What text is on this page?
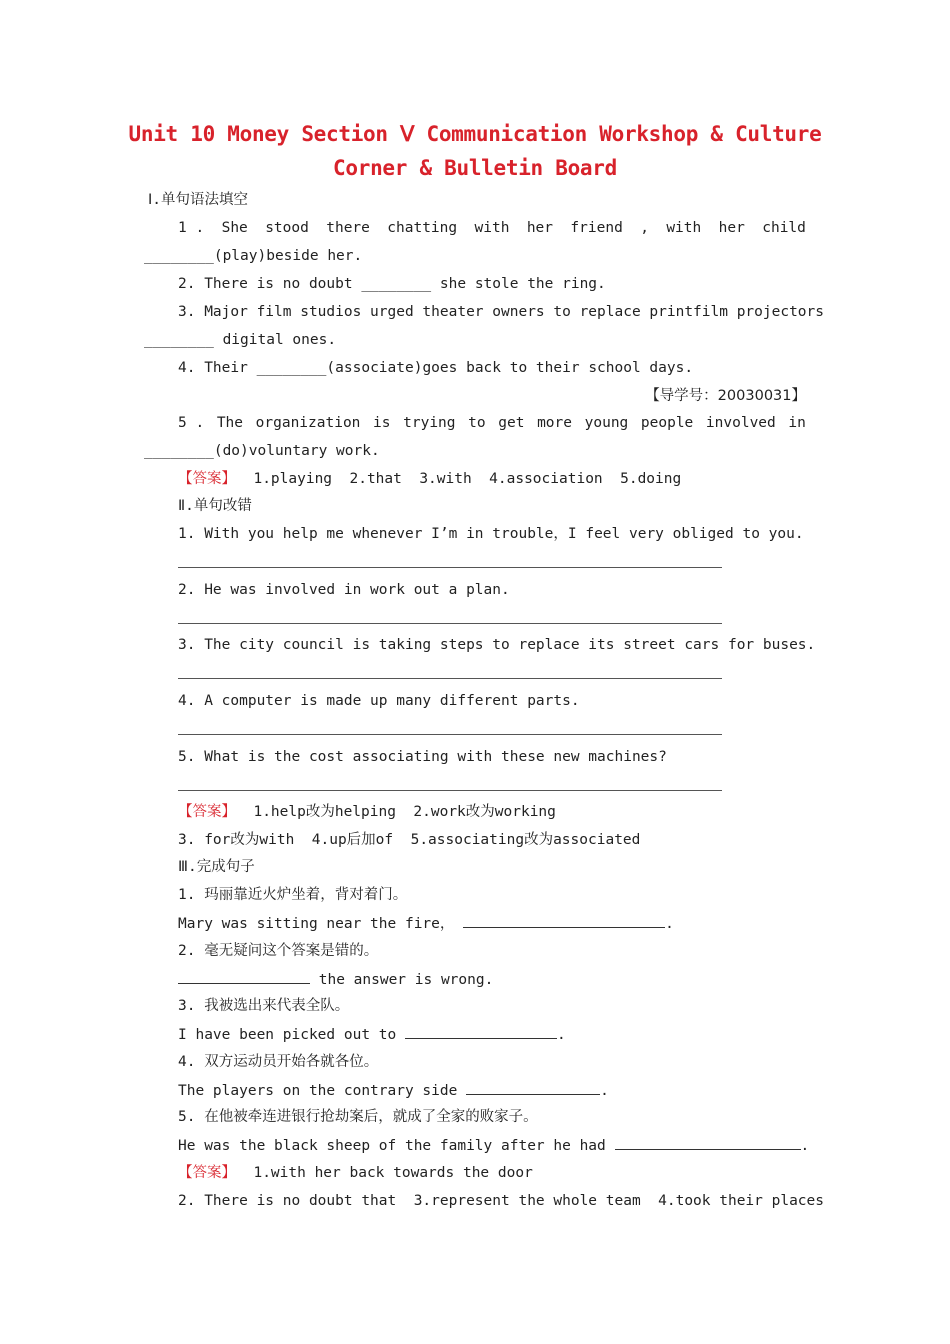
Unit 10 Money Section Ⅴ Communication Workshop & Culture
Corner & Bulletin Board
Ⅰ.单句语法填空
1 . She stood there chatting with her friend , with her child
________(play)beside her.
2. There is no doubt ________ she stole the ring.
3. Major film studios urged theater owners to replace printfilm projectors
________ digital ones.
4. Their ________(associate)goes back to their school days.
【导学号：20030031】
5 . The organization is trying to get more young people involved in
________(do)voluntary work.
【答案】  1.playing  2.that  3.with  4.association  5.doing
Ⅱ.单句改错
1. With you help me whenever I’m in trouble，I feel very obliged to you.
2. He was involved in work out a plan.
3. The city council is taking steps to replace its street cars for buses.
4. A computer is made up many different parts.
5. What is the cost associating with these new machines?
【答案】  1.help改为helping  2.work改为working
3. for改为with  4.up后加of  5.associating改为associated
Ⅲ.完成句子
1. 玛丽靠近火炉坐着，背对着门。
Mary was sitting near the fire，	.
2. 毫无疑问这个答案是错的。
the answer is wrong.
3. 我被选出来代表全队。
I have been picked out to	.
4. 双方运动员开始各就各位。
The players on the contrary side	.
5. 在他被牵连进银行抢劫案后，就成了全家的败家子。
He was the black sheep of the family after he had	.
【答案】  1.with her back towards the door
2. There is no doubt that  3.represent the whole team  4.took their places
